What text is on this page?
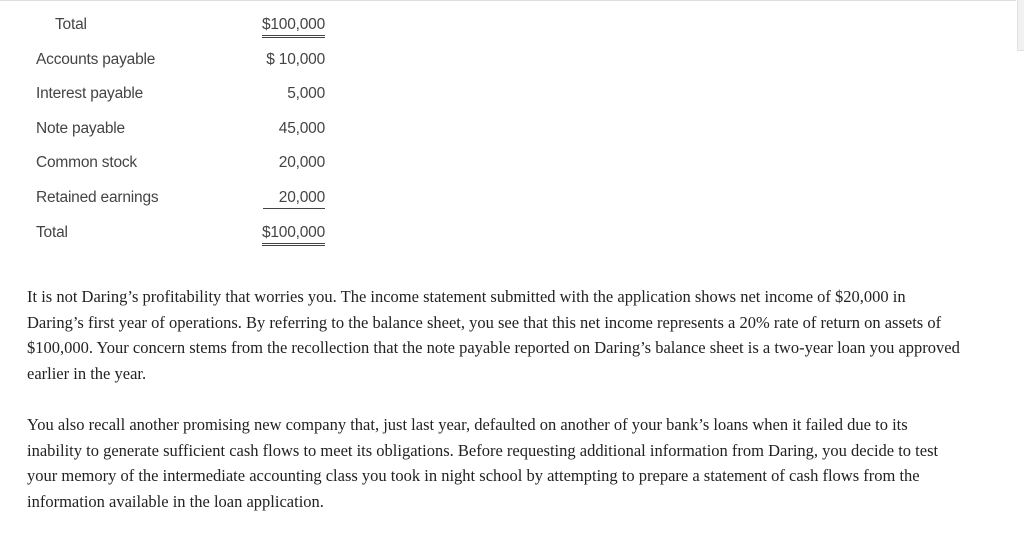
Total	$100,000
Accounts payable	$ 10,000
Interest payable	5,000
Note payable	45,000
Common stock	20,000
Retained earnings	20,000
Total	$100,000

It is not Daring’s profitability that worries you. The income statement submitted with the application shows net income of $20,000 in Daring’s first year of operations. By referring to the balance sheet, you see that this net income represents a 20% rate of return on assets of $100,000. Your concern stems from the recollection that the note payable reported on Daring’s balance sheet is a two-year loan you approved earlier in the year.

You also recall another promising new company that, just last year, defaulted on another of your bank’s loans when it failed due to its inability to generate sufficient cash flows to meet its obligations. Before requesting additional information from Daring, you decide to test your memory of the intermediate accounting class you took in night school by attempting to prepare a statement of cash flows from the information available in the loan application.
